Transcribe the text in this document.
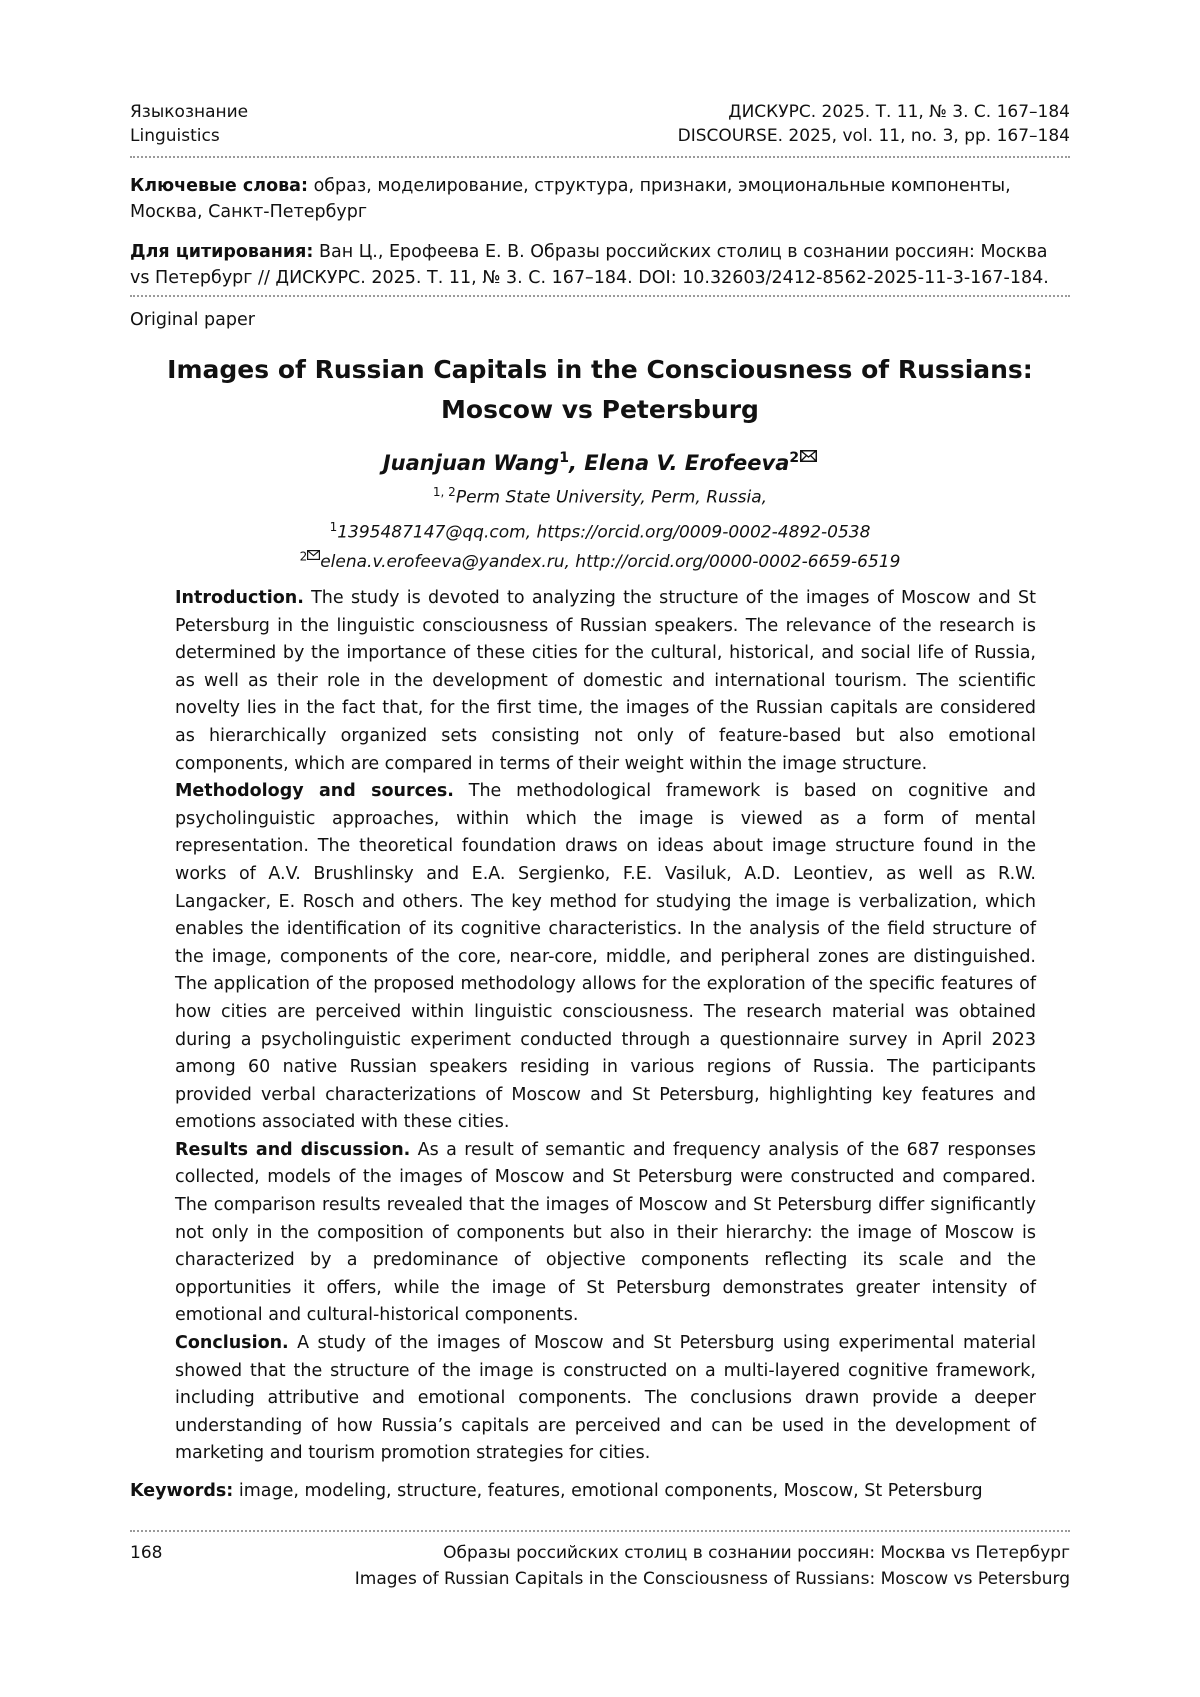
Языкознание	ДИСКУРС. 2025. Т. 11, № 3. С. 167–184
Linguistics	DISCOURSE. 2025, vol. 11, no. 3, pp. 167–184
Ключевые слова: образ, моделирование, структура, признаки, эмоциональные компоненты, Москва, Санкт-Петербург
Для цитирования: Ван Ц., Ерофеева Е. В. Образы российских столиц в сознании россиян: Москва vs Петербург // ДИСКУРС. 2025. Т. 11, № 3. С. 167–184. DOI: 10.32603/2412-8562-2025-11-3-167-184.
Original paper
Images of Russian Capitals in the Consciousness of Russians: Moscow vs Petersburg
Juanjuan Wang$^1$, Elena V. Erofeeva$^2$
$^{1, 2}$Perm State University, Perm, Russia,
$^1$1395487147@qq.com, https://orcid.org/0009-0002-4892-0538
$^2$ elena.v.erofeeva@yandex.ru, http://orcid.org/0000-0002-6659-6519

Introduction. The study is devoted to analyzing the structure of the images of Moscow and St Petersburg in the linguistic consciousness of Russian speakers. The relevance of the research is determined by the importance of these cities for the cultural, historical, and social life of Russia, as well as their role in the development of domestic and international tourism. The scientific novelty lies in the fact that, for the first time, the images of the Russian capitals are considered as hierarchically organized sets consisting not only of feature-based but also emotional components, which are compared in terms of their weight within the image structure.

Methodology and sources. The methodological framework is based on cognitive and psycholinguistic approaches, within which the image is viewed as a form of mental representation. The theoretical foundation draws on ideas about image structure found in the works of A.V. Brushlinsky and E.A. Sergienko, F.E. Vasiluk, A.D. Leontiev, as well as R.W. Langacker, E. Rosch and others. The key method for studying the image is verbalization, which enables the identification of its cognitive characteristics. In the analysis of the field structure of the image, components of the core, near-core, middle, and peripheral zones are distinguished. The application of the proposed methodology allows for the exploration of the specific features of how cities are perceived within linguistic consciousness. The research material was obtained during a psycholinguistic experiment conducted through a questionnaire survey in April 2023 among 60 native Russian speakers residing in various regions of Russia. The participants provided verbal characterizations of Moscow and St Petersburg, highlighting key features and emotions associated with these cities.

Results and discussion. As a result of semantic and frequency analysis of the 687 responses collected, models of the images of Moscow and St Petersburg were constructed and compared. The comparison results revealed that the images of Moscow and St Petersburg differ significantly not only in the composition of components but also in their hierarchy: the image of Moscow is characterized by a predominance of objective components reflecting its scale and the opportunities it offers, while the image of St Petersburg demonstrates greater intensity of emotional and cultural-historical components.

Conclusion. A study of the images of Moscow and St Petersburg using experimental material showed that the structure of the image is constructed on a multi-layered cognitive framework, including attributive and emotional components. The conclusions drawn provide a deeper understanding of how Russia’s capitals are perceived and can be used in the development of marketing and tourism promotion strategies for cities.

Keywords: image, modeling, structure, features, emotional components, Moscow, St Petersburg
168	Образы российских столиц в сознании россиян: Москва vs Петербург
Images of Russian Capitals in the Consciousness of Russians: Moscow vs Petersburg
